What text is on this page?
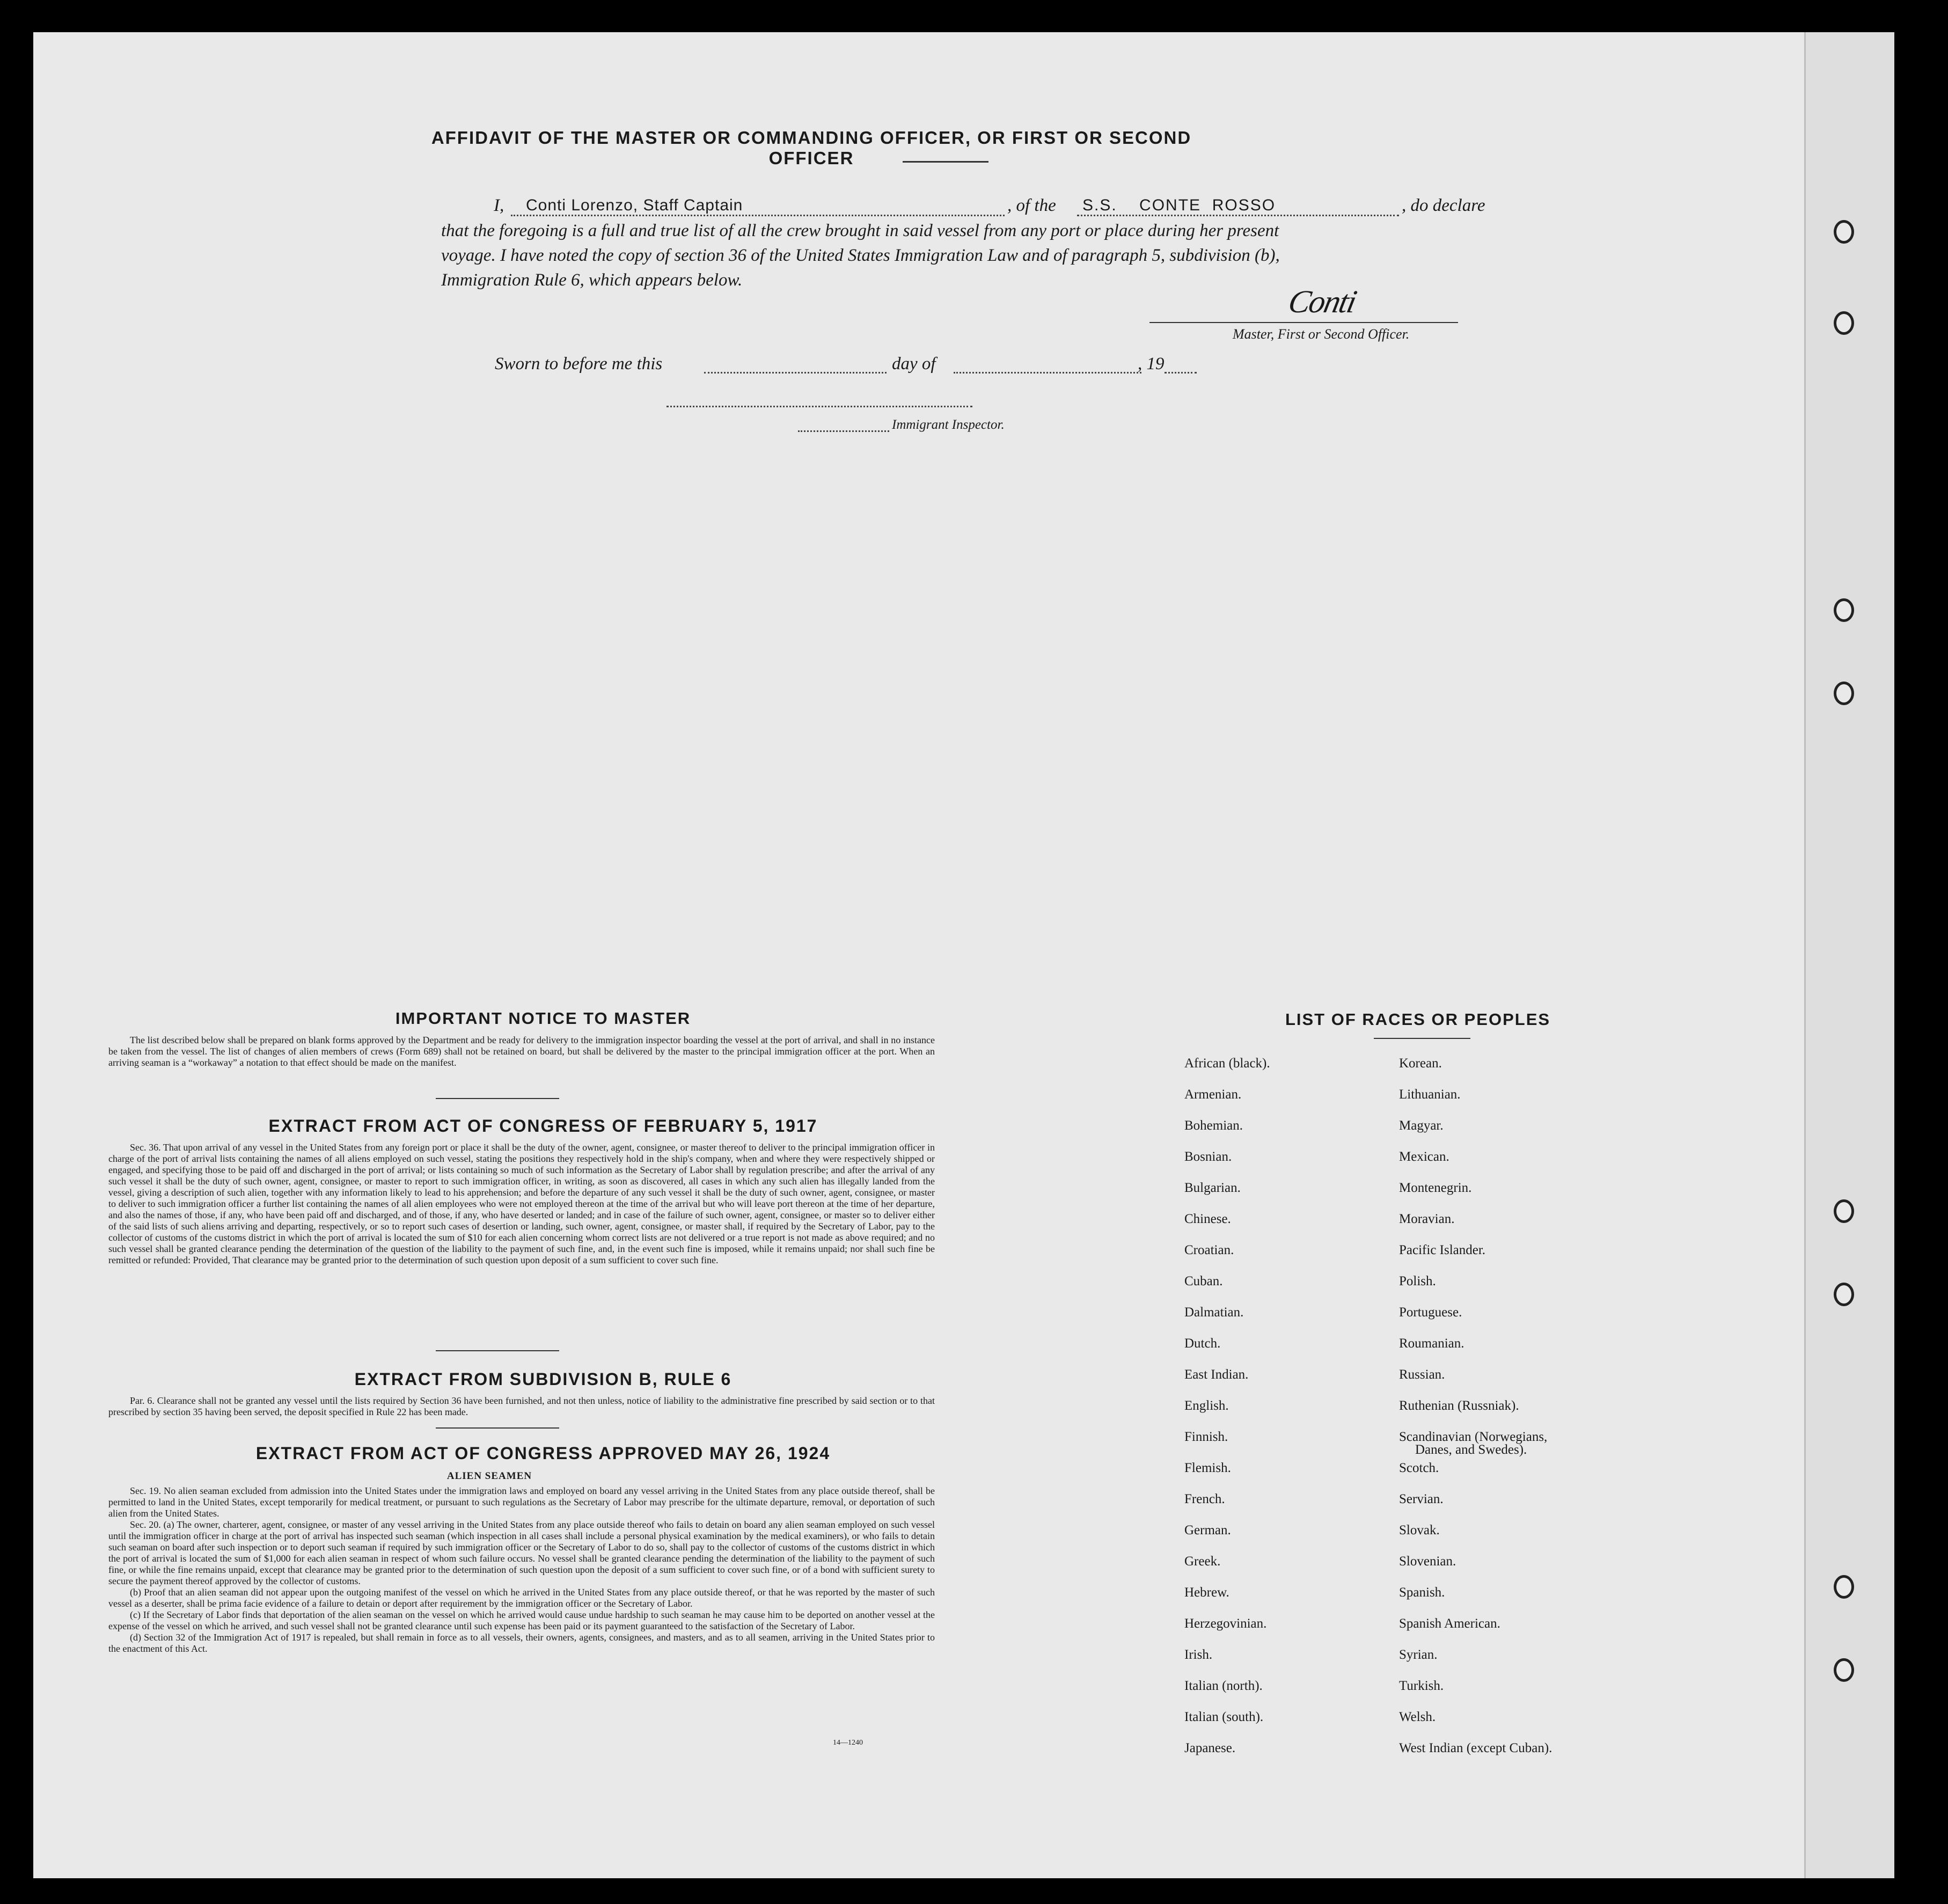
AFFIDAVIT OF THE MASTER OR COMMANDING OFFICER, OR FIRST OR SECOND OFFICER
I, Conti Lorenzo, Staff Captain	, of the S.S.    CONTE  ROSSO	, do declare
that the foregoing is a full and true list of all the crew brought in said vessel from any port or place during her present
voyage. I have noted the copy of section 36 of the United States Immigration Law and of paragraph 5, subdivision (b),
Immigration Rule 6, which appears below.
Conti
Master, First or Second Officer.
Sworn to before me this	day of	, 19
Immigrant Inspector.
IMPORTANT NOTICE TO MASTER
The list described below shall be prepared on blank forms approved by the Department and be ready for delivery to the immigration inspector boarding the vessel at the port of arrival, and shall in no instance be taken from the vessel. The list of changes of alien members of crews (Form 689) shall not be retained on board, but shall be delivered by the master to the principal immigration officer at the port. When an arriving seaman is a “workaway” a notation to that effect should be made on the manifest.
EXTRACT FROM ACT OF CONGRESS OF FEBRUARY 5, 1917
Sec. 36. That upon arrival of any vessel in the United States from any foreign port or place it shall be the duty of the owner, agent, consignee, or master thereof to deliver to the principal immigration officer in charge of the port of arrival lists containing the names of all aliens employed on such vessel, stating the positions they respectively hold in the ship's company, when and where they were respectively shipped or engaged, and specifying those to be paid off and discharged in the port of arrival; or lists containing so much of such information as the Secretary of Labor shall by regulation prescribe; and after the arrival of any such vessel it shall be the duty of such owner, agent, consignee, or master to report to such immigration officer, in writing, as soon as discovered, all cases in which any such alien has illegally landed from the vessel, giving a description of such alien, together with any information likely to lead to his apprehension; and before the departure of any such vessel it shall be the duty of such owner, agent, consignee, or master to deliver to such immigration officer a further list containing the names of all alien employees who were not employed thereon at the time of the arrival but who will leave port thereon at the time of her departure, and also the names of those, if any, who have been paid off and discharged, and of those, if any, who have deserted or landed; and in case of the failure of such owner, agent, consignee, or master so to deliver either of the said lists of such aliens arriving and departing, respectively, or so to report such cases of desertion or landing, such owner, agent, consignee, or master shall, if required by the Secretary of Labor, pay to the collector of customs of the customs district in which the port of arrival is located the sum of $10 for each alien concerning whom correct lists are not delivered or a true report is not made as above required; and no such vessel shall be granted clearance pending the determination of the question of the liability to the payment of such fine, and, in the event such fine is imposed, while it remains unpaid; nor shall such fine be remitted or refunded: Provided, That clearance may be granted prior to the determination of such question upon deposit of a sum sufficient to cover such fine.
EXTRACT FROM SUBDIVISION B, RULE 6
Par. 6. Clearance shall not be granted any vessel until the lists required by Section 36 have been furnished, and not then unless, notice of liability to the administrative fine prescribed by said section or to that prescribed by section 35 having been served, the deposit specified in Rule 22 has been made.
EXTRACT FROM ACT OF CONGRESS APPROVED MAY 26, 1924
ALIEN SEAMEN
Sec. 19. No alien seaman excluded from admission into the United States under the immigration laws and employed on board any vessel arriving in the United States from any place outside thereof, shall be permitted to land in the United States, except temporarily for medical treatment, or pursuant to such regulations as the Secretary of Labor may prescribe for the ultimate departure, removal, or deportation of such alien from the United States.
Sec. 20. (a) The owner, charterer, agent, consignee, or master of any vessel arriving in the United States from any place outside thereof who fails to detain on board any alien seaman employed on such vessel until the immigration officer in charge at the port of arrival has inspected such seaman (which inspection in all cases shall include a personal physical examination by the medical examiners), or who fails to detain such seaman on board after such inspection or to deport such seaman if required by such immigration officer or the Secretary of Labor to do so, shall pay to the collector of customs of the customs district in which the port of arrival is located the sum of $1,000 for each alien seaman in respect of whom such failure occurs. No vessel shall be granted clearance pending the determination of the liability to the payment of such fine, or while the fine remains unpaid, except that clearance may be granted prior to the determination of such question upon the deposit of a sum sufficient to cover such fine, or of a bond with sufficient surety to secure the payment thereof approved by the collector of customs.
(b) Proof that an alien seaman did not appear upon the outgoing manifest of the vessel on which he arrived in the United States from any place outside thereof, or that he was reported by the master of such vessel as a deserter, shall be prima facie evidence of a failure to detain or deport after requirement by the immigration officer or the Secretary of Labor.
(c) If the Secretary of Labor finds that deportation of the alien seaman on the vessel on which he arrived would cause undue hardship to such seaman he may cause him to be deported on another vessel at the expense of the vessel on which he arrived, and such vessel shall not be granted clearance until such expense has been paid or its payment guaranteed to the satisfaction of the Secretary of Labor.
(d) Section 32 of the Immigration Act of 1917 is repealed, but shall remain in force as to all vessels, their owners, agents, consignees, and masters, and as to all seamen, arriving in the United States prior to the enactment of this Act.
14—1240
LIST OF RACES OR PEOPLES
African (black).
Armenian.
Bohemian.
Bosnian.
Bulgarian.
Chinese.
Croatian.
Cuban.
Dalmatian.
Dutch.
East Indian.
English.
Finnish.
Flemish.
French.
German.
Greek.
Hebrew.
Herzegovinian.
Irish.
Italian (north).
Italian (south).
Japanese.
Korean.
Lithuanian.
Magyar.
Mexican.
Montenegrin.
Moravian.
Pacific Islander.
Polish.
Portuguese.
Roumanian.
Russian.
Ruthenian (Russniak).
Scandinavian (Norwegians,
Danes, and Swedes).
Scotch.
Servian.
Slovak.
Slovenian.
Spanish.
Spanish American.
Syrian.
Turkish.
Welsh.
West Indian (except Cuban).
